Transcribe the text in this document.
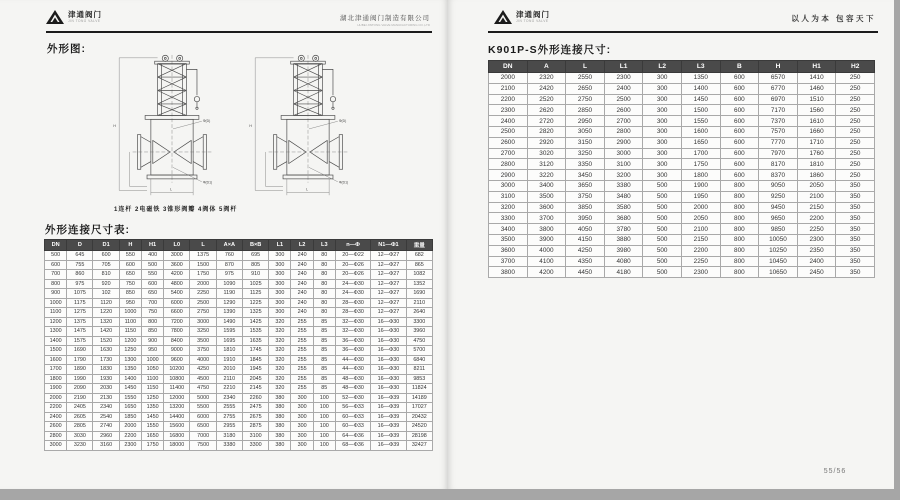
津通阀门
JIN TONG VALVE	湖北津通阀门制造有限公司
HUBEI JINTONG VALVE MANUFACTURING CO.,LTD
外形图:
1连杆 2电磁铁 3锥形阀瓣 4阀体 5阀杆
外形连接尺寸表:
DN	D	D1	H	H1	L0	L	A×A	B×B	L1	L2	L3	n—Φ	N1—Φ1	重量
500	645	600	550	400	3000	1375	760	695	300	240	80	20—Φ22	12—Φ27	682
600	755	705	600	500	3600	1500	870	805	300	240	80	20—Φ26	12—Φ27	865
700	860	810	650	550	4200	1750	975	910	300	240	80	20—Φ26	12—Φ27	1082
800	975	920	750	600	4800	2000	1090	1025	300	240	80	24—Φ30	12—Φ27	1352
900	1075	102	850	650	5400	2250	1190	1125	300	240	80	24—Φ30	12—Φ27	1690
1000	1175	1120	950	700	6000	2500	1290	1225	300	240	80	28—Φ30	12—Φ27	2110
1100	1275	1220	1000	750	6600	2750	1390	1325	300	240	80	28—Φ30	12—Φ27	2640
1200	1375	1320	1100	800	7200	3000	1490	1425	320	255	85	32—Φ30	16—Φ30	3300
1300	1475	1420	1150	850	7800	3250	1595	1535	320	255	85	32—Φ30	16—Φ30	3960
1400	1575	1520	1200	900	8400	3500	1695	1635	320	255	85	36—Φ30	16—Φ30	4750
1500	1690	1630	1250	950	9000	3750	1810	1745	320	255	85	36—Φ30	16—Φ30	5700
1600	1790	1730	1300	1000	9600	4000	1910	1845	320	255	85	44—Φ30	16—Φ30	6840
1700	1890	1830	1350	1050	10200	4250	2010	1945	320	255	85	44—Φ30	16—Φ30	8211
1800	1990	1930	1400	1100	10800	4500	2110	2045	320	255	85	48—Φ30	16—Φ30	9853
1900	2090	2030	1450	1150	11400	4750	2210	2145	320	255	85	48—Φ30	16—Φ30	11824
2000	2190	2130	1550	1250	12000	5000	2340	2260	380	300	100	52—Φ30	16—Φ39	14189
2200	2405	2340	1650	1350	13200	5500	2555	2475	380	300	100	56—Φ33	16—Φ39	17027
2400	2605	2540	1850	1450	14400	6000	2755	2675	380	300	100	60—Φ33	16—Φ39	20432
2600	2805	2740	2000	1550	15600	6500	2955	2875	380	300	100	60—Φ33	16—Φ39	24520
2800	3030	2960	2200	1650	16800	7000	3180	3100	380	300	100	64—Φ36	16—Φ39	28198
3000	3230	3160	2300	1750	18000	7500	3380	3300	380	300	100	68—Φ36	16—Φ39	32427
津通阀门
JIN TONG VALVE	以人为本 包容天下
K901P-S外形连接尺寸:
DN	A	L	L1	L2	L3	B	H	H1	H2
2000	2320	2550	2300	300	1350	600	6570	1410	250
2100	2420	2650	2400	300	1400	600	6770	1460	250
2200	2520	2750	2500	300	1450	600	6970	1510	250
2300	2620	2850	2600	300	1500	600	7170	1560	250
2400	2720	2950	2700	300	1550	600	7370	1610	250
2500	2820	3050	2800	300	1600	600	7570	1660	250
2600	2920	3150	2900	300	1650	600	7770	1710	250
2700	3020	3250	3000	300	1700	600	7970	1760	250
2800	3120	3350	3100	300	1750	600	8170	1810	250
2900	3220	3450	3200	300	1800	600	8370	1860	250
3000	3400	3650	3380	500	1900	800	9050	2050	350
3100	3500	3750	3480	500	1950	800	9250	2100	350
3200	3600	3850	3580	500	2000	800	9450	2150	350
3300	3700	3950	3680	500	2050	800	9650	2200	350
3400	3800	4050	3780	500	2100	800	9850	2250	350
3500	3900	4150	3880	500	2150	800	10050	2300	350
3600	4000	4250	3980	500	2200	800	10250	2350	350
3700	4100	4350	4080	500	2250	800	10450	2400	350
3800	4200	4450	4180	500	2300	800	10650	2450	350
55/56
